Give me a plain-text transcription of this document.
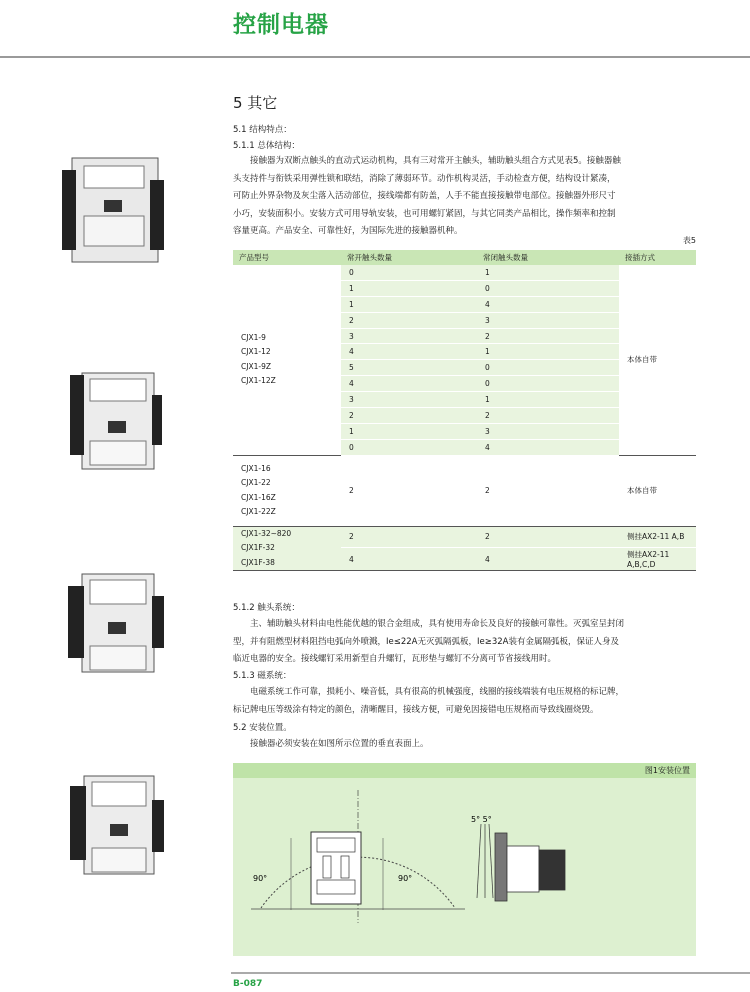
控制电器
5 其它
5.1 结构特点：
5.1.1 总体结构：

接触器为双断点触头的直动式运动机构，具有三对常开主触头，辅助触头组合方式见表5。接触器触

头支持件与衔铁采用弹性锁和联结，消除了薄弱环节。动作机构灵活，手动检查方便，结构设计紧凑，

可防止外界杂物及灰尘落入活动部位，接线端都有防盖，人手不能直接接触带电部位。接触器外形尺寸

小巧，安装面积小。安装方式可用导轨安装，也可用螺钉紧固，与其它同类产品相比，操作频率和控制

容量更高。产品安全、可靠性好，为国际先进的接触器机种。

表5
产品型号	常开触头数量	常闭触头数量	接插方式

CJX1-9
CJX1-12
CJX1-9Z
CJX1-12Z	0	1	本体自带
	1	0	
	1	4	
	2	3	
	3	2	
	4	1	
	5	0	
	4	0	
	3	1	
	2	2	
	1	3	
	0	4	

CJX1-16
CJX1-22
CJX1-16Z
CJX1-22Z	2	2	本体自带

CJX1-32~820
CJX1F-32
CJX1F-38	2	2	侧挂AX2-11 A,B
	4	4	侧挂AX2-11 A,B,C,D
5.1.2 触头系统：

主、辅助触头材料由电性能优越的银合金组成，具有使用寿命长及良好的接触可靠性。灭弧室呈封闭

型，并有阻燃型材料阻挡电弧向外喷溅，Ie≤22A无灭弧隔弧板，Ie≥32A装有金属隔弧板，保证人身及

临近电器的安全。接线螺钉采用新型自升螺钉，瓦形垫与螺钉不分离可节省接线用时。

5.1.3 磁系统：

电磁系统工作可靠，损耗小、噪音低，具有很高的机械强度，线圈的接线端装有电压规格的标记牌，

标记牌电压等级涂有特定的颜色，清晰醒目，接线方便，可避免因接错电压规格而导致线圈烧毁。

5.2 安装位置。

接触器必须安装在如图所示位置的垂直表面上。

图1安装位置
90°	90°
5° 5°
B-087
